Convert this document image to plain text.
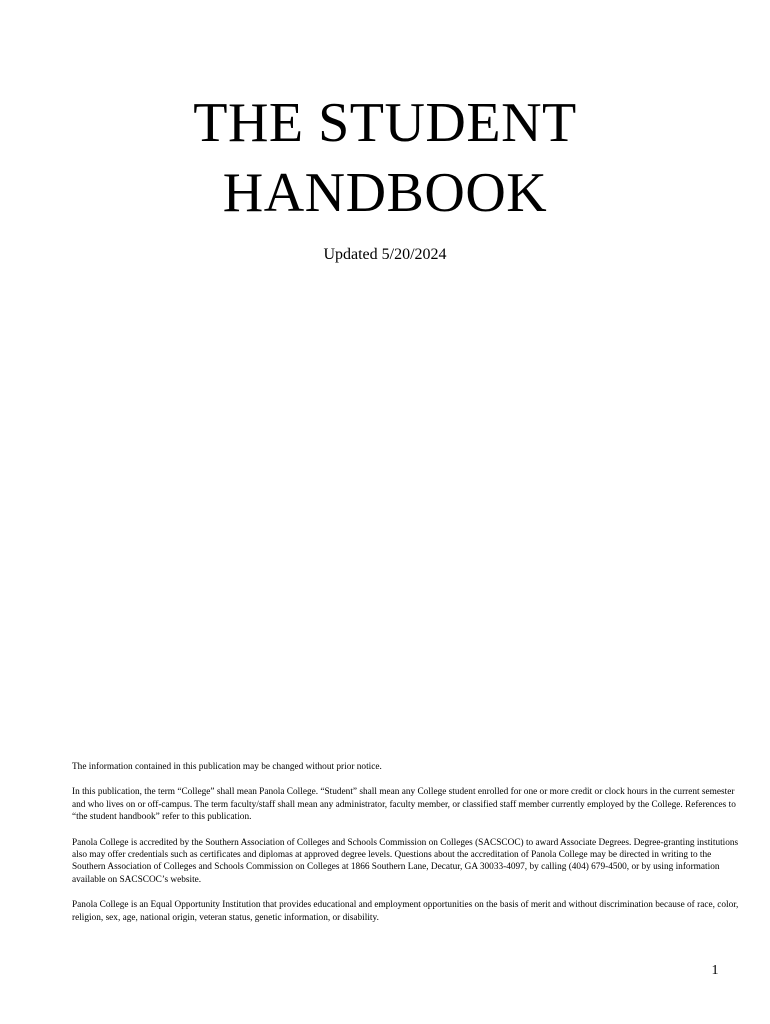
THE STUDENT
HANDBOOK

Updated 5/20/2024

The information contained in this publication may be changed without prior notice.

In this publication, the term “College” shall mean Panola College. “Student” shall mean any College student enrolled for one or more credit or clock hours in the current semester and who lives on or off-campus. The term faculty/staff shall mean any administrator, faculty member, or classified staff member currently employed by the College. References to “the student handbook” refer to this publication.

Panola College is accredited by the Southern Association of Colleges and Schools Commission on Colleges (SACSCOC) to award Associate Degrees. Degree-granting institutions also may offer credentials such as certificates and diplomas at approved degree levels. Questions about the accreditation of Panola College may be directed in writing to the Southern Association of Colleges and Schools Commission on Colleges at 1866 Southern Lane, Decatur, GA 30033-4097, by calling (404) 679-4500, or by using information available on SACSCOC’s website.

Panola College is an Equal Opportunity Institution that provides educational and employment opportunities on the basis of merit and without discrimination because of race, color, religion, sex, age, national origin, veteran status, genetic information, or disability.

1
